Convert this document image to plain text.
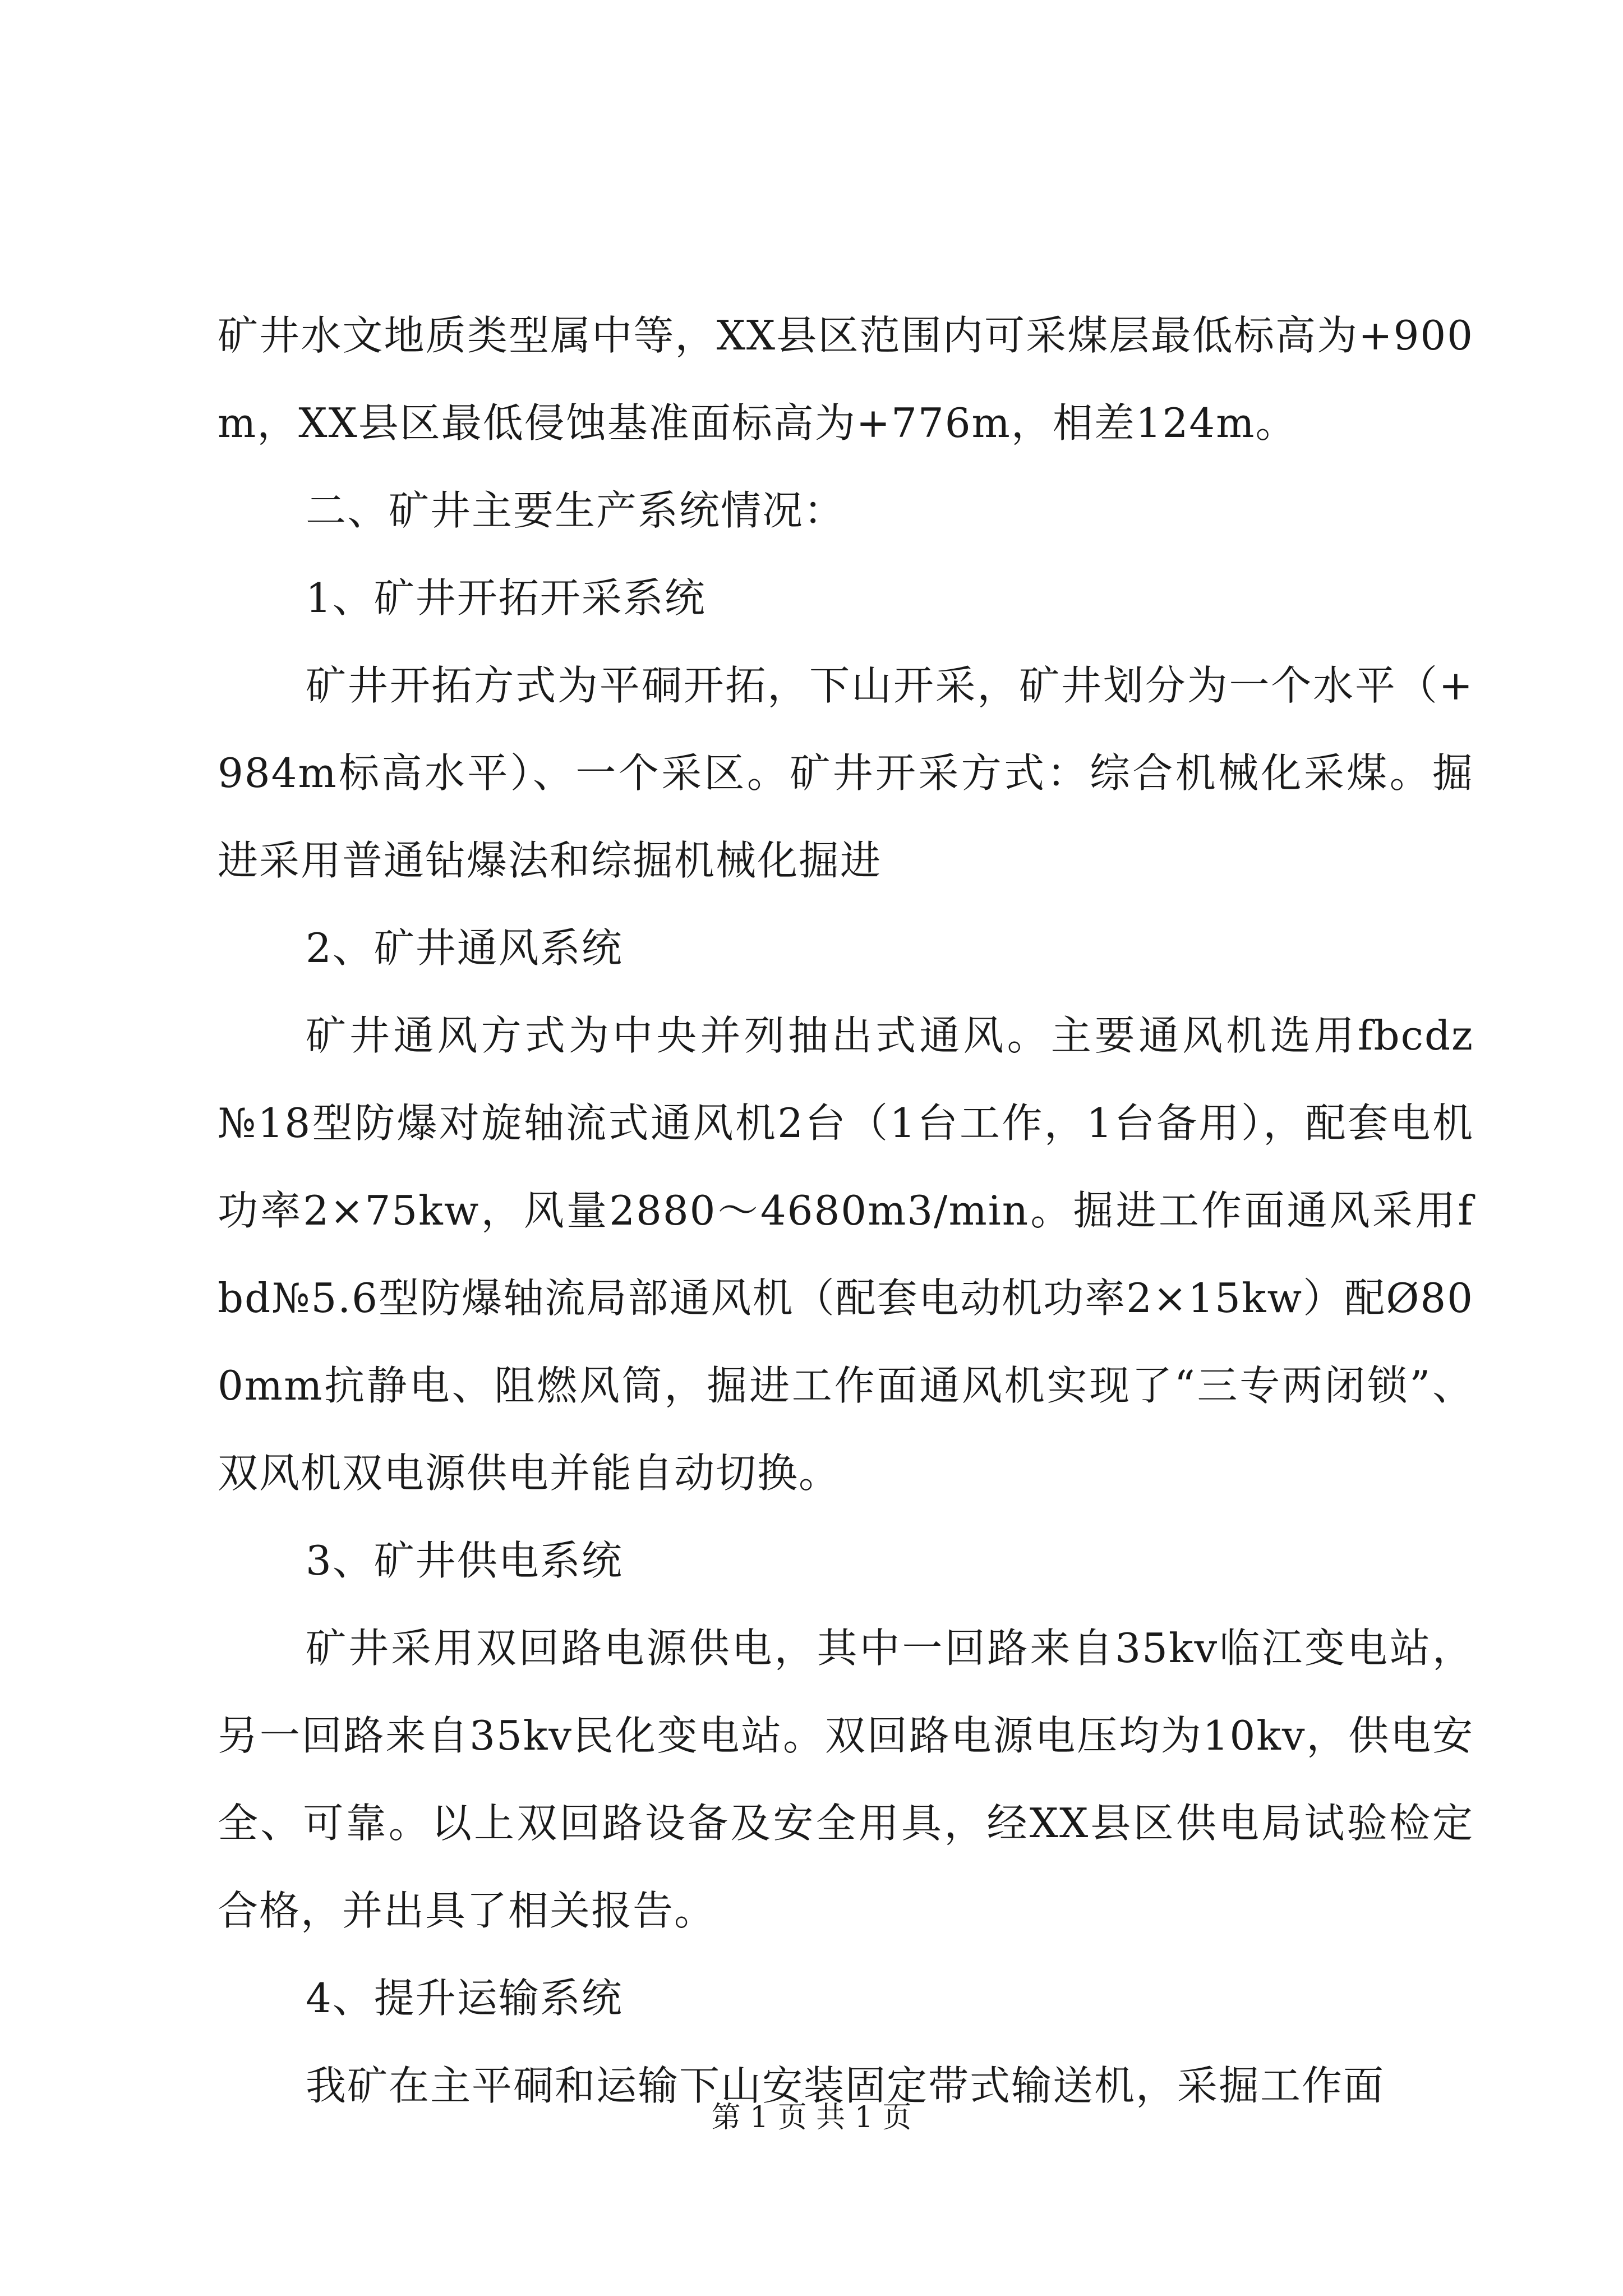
矿井水文地质类型属中等，XX县区范围内可采煤层最低标高为+900m，XX县区最低侵蚀基准面标高为+776m，相差124m。

二、矿井主要生产系统情况：

1、矿井开拓开采系统

矿井开拓方式为平硐开拓，下山开采，矿井划分为一个水平（+984m标高水平）、一个采区。矿井开采方式：综合机械化采煤。掘进采用普通钻爆法和综掘机械化掘进

2、矿井通风系统

矿井通风方式为中央并列抽出式通风。主要通风机选用fbcdz№18型防爆对旋轴流式通风机2台（1台工作，1台备用），配套电机功率2×75kw，风量2880～4680m3/min。掘进工作面通风采用fbd№5.6型防爆轴流局部通风机（配套电动机功率2×15kw）配Ø800mm抗静电、阻燃风筒，掘进工作面通风机实现了“三专两闭锁”、双风机双电源供电并能自动切换。

3、矿井供电系统

矿井采用双回路电源供电，其中一回路来自35kv临江变电站，另一回路来自35kv民化变电站。双回路电源电压均为10kv，供电安全、可靠。以上双回路设备及安全用具，经XX县区供电局试验检定合格，并出具了相关报告。

4、提升运输系统

我矿在主平硐和运输下山安装固定带式输送机，采掘工作面

第 1 页 共 1 页
